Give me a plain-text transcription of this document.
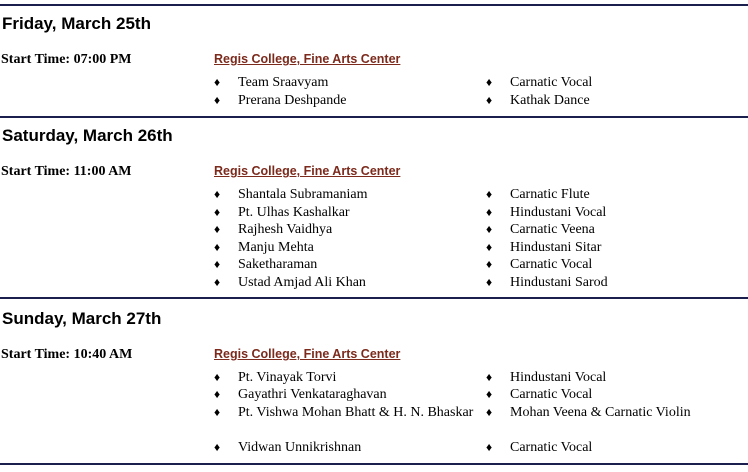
Friday, March 25th
Start Time: 07:00 PM	Regis College, Fine Arts Center
♦ Team Sraavyam	♦ Carnatic Vocal
♦ Prerana Deshpande	♦ Kathak Dance
Saturday, March 26th
Start Time: 11:00 AM	Regis College, Fine Arts Center
♦ Shantala Subramaniam	♦ Carnatic Flute
♦ Pt. Ulhas Kashalkar	♦ Hindustani Vocal
♦ Rajhesh Vaidhya	♦ Carnatic Veena
♦ Manju Mehta	♦ Hindustani Sitar
♦ Saketharaman	♦ Carnatic Vocal
♦ Ustad Amjad Ali Khan	♦ Hindustani Sarod
Sunday, March 27th
Start Time: 10:40 AM	Regis College, Fine Arts Center
♦ Pt. Vinayak Torvi	♦ Hindustani Vocal
♦ Gayathri Venkataraghavan	♦ Carnatic Vocal
♦ Pt. Vishwa Mohan Bhatt & H. N. Bhaskar ♦ Mohan Veena & Carnatic Violin
♦ Vidwan Unnikrishnan	♦ Carnatic Vocal
